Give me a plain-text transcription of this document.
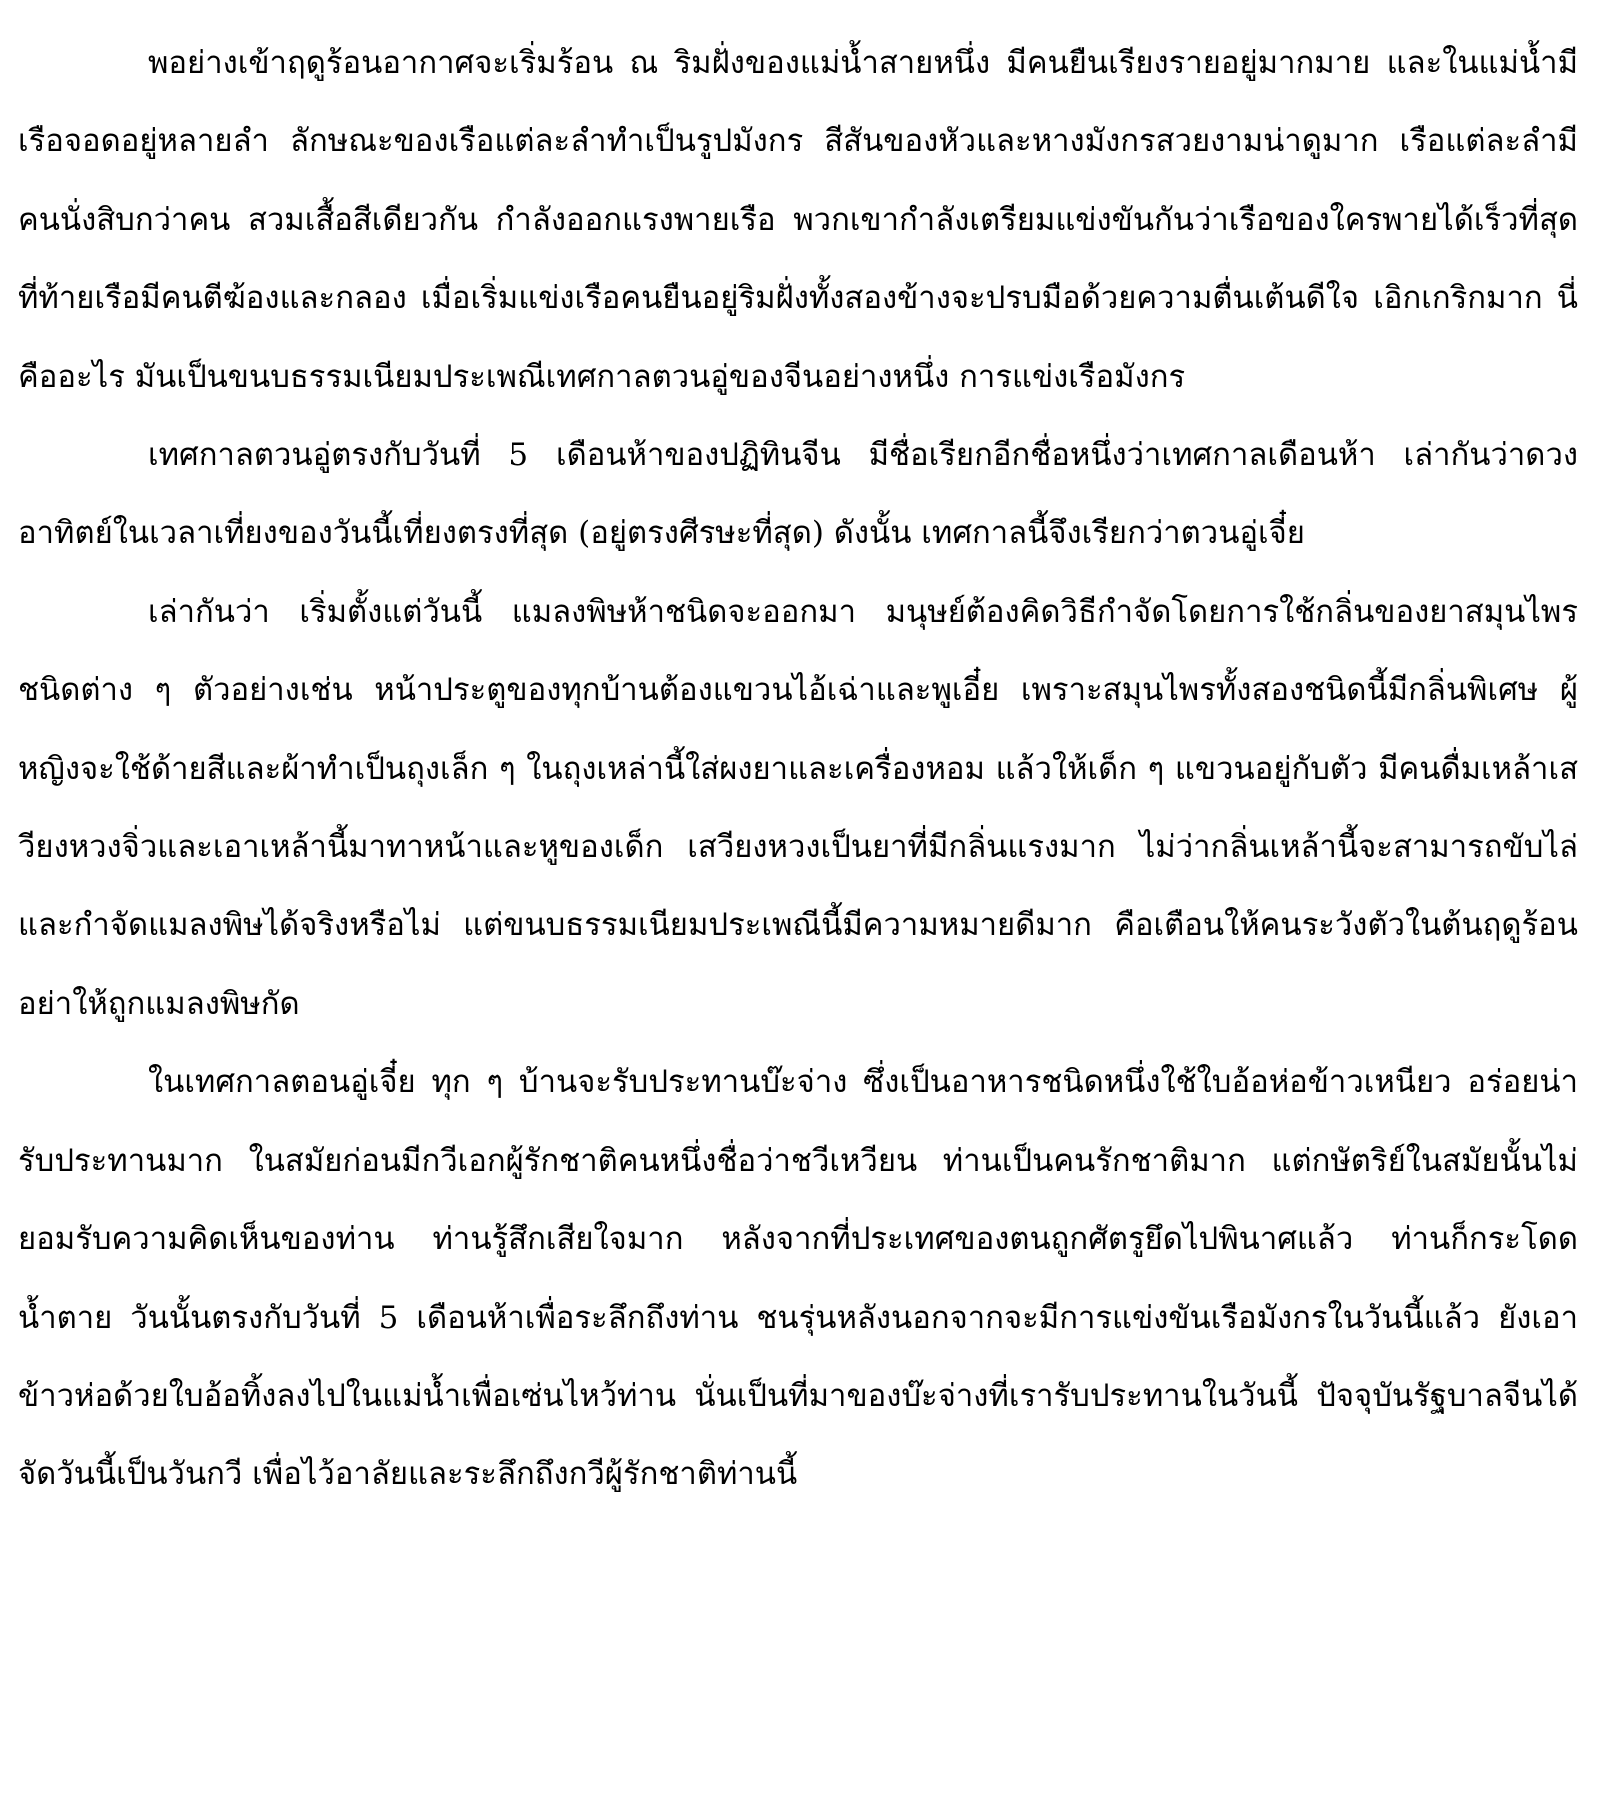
พอย่างเข้าฤดูร้อนอากาศจะเริ่มร้อน ณ ริมฝั่งของแม่น้ำสายหนึ่ง มีคนยืนเรียงรายอยู่มากมาย และในแม่น้ำมีเรือจอดอยู่หลายลำ ลักษณะของเรือแต่ละลำทำเป็นรูปมังกร สีสันของหัวและหางมังกรสวยงามน่าดูมาก เรือแต่ละลำมีคนนั่งสิบกว่าคน สวมเสื้อสีเดียวกัน กำลังออกแรงพายเรือ พวกเขากำลังเตรียมแข่งขันกันว่าเรือของใครพายได้เร็วที่สุด ที่ท้ายเรือมีคนตีฆ้องและกลอง เมื่อเริ่มแข่งเรือคนยืนอยู่ริมฝั่งทั้งสองข้างจะปรบมือด้วยความตื่นเต้นดีใจ เอิกเกริกมาก นี่คืออะไร มันเป็นขนบธรรมเนียมประเพณีเทศกาลตวนอู่ของจีนอย่างหนึ่ง การแข่งเรือมังกร

เทศกาลตวนอู่ตรงกับวันที่ 5 เดือนห้าของปฏิทินจีน มีชื่อเรียกอีกชื่อหนึ่งว่าเทศกาลเดือนห้า เล่ากันว่าดวงอาทิตย์ในเวลาเที่ยงของวันนี้เที่ยงตรงที่สุด (อยู่ตรงศีรษะที่สุด) ดังนั้น เทศกาลนี้จึงเรียกว่าตวนอู่เจี๋ย

เล่ากันว่า เริ่มตั้งแต่วันนี้ แมลงพิษห้าชนิดจะออกมา มนุษย์ต้องคิดวิธีกำจัดโดยการใช้กลิ่นของยาสมุนไพรชนิดต่าง ๆ ตัวอย่างเช่น หน้าประตูของทุกบ้านต้องแขวนไอ้เฉ่าและพูเอี๋ย เพราะสมุนไพรทั้งสองชนิดนี้มีกลิ่นพิเศษ ผู้หญิงจะใช้ด้ายสีและผ้าทำเป็นถุงเล็ก ๆ ในถุงเหล่านี้ใส่ผงยาและเครื่องหอม แล้วให้เด็ก ๆ แขวนอยู่กับตัว มีคนดื่มเหล้าเสวียงหวงจิ่วและเอาเหล้านี้มาทาหน้าและหูของเด็ก เสวียงหวงเป็นยาที่มีกลิ่นแรงมาก ไม่ว่ากลิ่นเหล้านี้จะสามารถขับไล่และกำจัดแมลงพิษได้จริงหรือไม่ แต่ขนบธรรมเนียมประเพณีนี้มีความหมายดีมาก คือเตือนให้คนระวังตัวในต้นฤดูร้อนอย่าให้ถูกแมลงพิษกัด

ในเทศกาลตอนอู่เจี๋ย ทุก ๆ บ้านจะรับประทานบ๊ะจ่าง ซึ่งเป็นอาหารชนิดหนึ่งใช้ใบอ้อห่อข้าวเหนียว อร่อยน่ารับประทานมาก ในสมัยก่อนมีกวีเอกผู้รักชาติคนหนึ่งชื่อว่าชวีเหวียน ท่านเป็นคนรักชาติมาก แต่กษัตริย์ในสมัยนั้นไม่ยอมรับความคิดเห็นของท่าน ท่านรู้สึกเสียใจมาก หลังจากที่ประเทศของตนถูกศัตรูยึดไปพินาศแล้ว ท่านก็กระโดดน้ำตาย วันนั้นตรงกับวันที่ 5 เดือนห้าเพื่อระลึกถึงท่าน ชนรุ่นหลังนอกจากจะมีการแข่งขันเรือมังกรในวันนี้แล้ว ยังเอาข้าวห่อด้วยใบอ้อทิ้งลงไปในแม่น้ำเพื่อเซ่นไหว้ท่าน นั่นเป็นที่มาของบ๊ะจ่างที่เรารับประทานในวันนี้ ปัจจุบันรัฐบาลจีนได้จัดวันนี้เป็นวันกวี เพื่อไว้อาลัยและระลึกถึงกวีผู้รักชาติท่านนี้
